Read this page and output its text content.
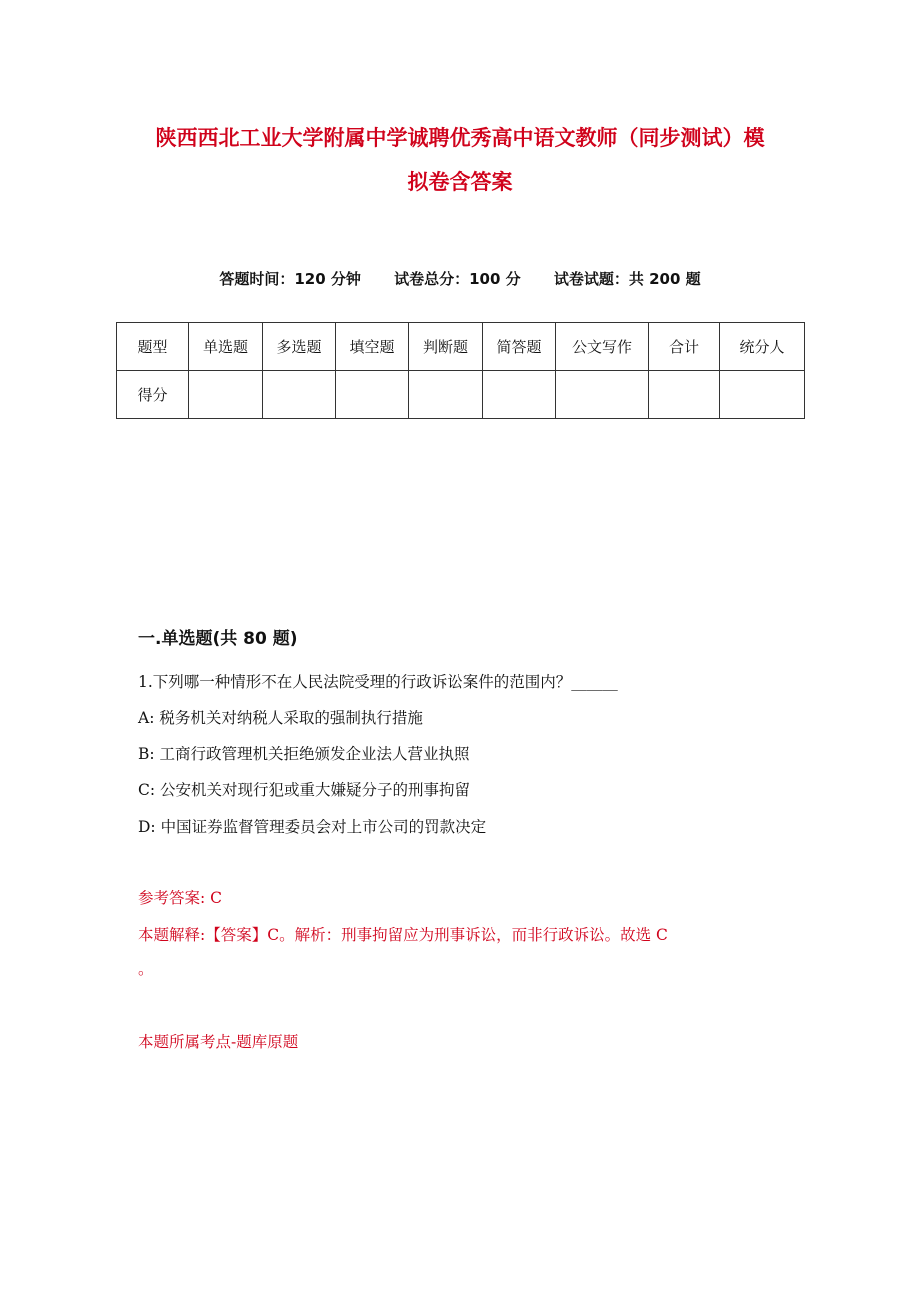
陕西西北工业大学附属中学诚聘优秀高中语文教师（同步测试）模
拟卷含答案
答题时间：120 分钟 试卷总分：100 分 试卷试题：共 200 题
题型	单选题	多选题	填空题	判断题	简答题	公文写作	合计	统分人
得分								
一.单选题(共 80 题)
1.下列哪一种情形不在人民法院受理的行政诉讼案件的范围内？______
A: 税务机关对纳税人采取的强制执行措施
B: 工商行政管理机关拒绝颁发企业法人营业执照
C: 公安机关对现行犯或重大嫌疑分子的刑事拘留
D: 中国证券监督管理委员会对上市公司的罚款决定
参考答案: C
本题解释:【答案】C。解析：刑事拘留应为刑事诉讼，而非行政诉讼。故选 C
。
本题所属考点-题库原题
